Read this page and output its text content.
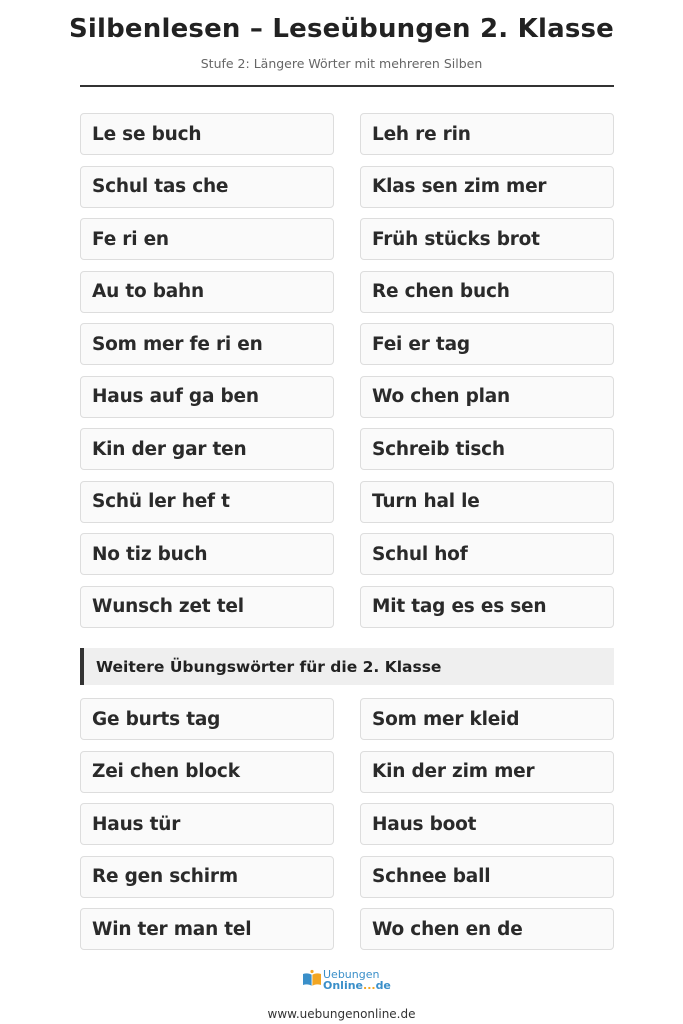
Silbenlesen – Leseübungen 2. Klasse
Stufe 2: Längere Wörter mit mehreren Silben
Le se buch	Leh re rin
Schul tas che	Klas sen zim mer
Fe ri en	Früh stücks brot
Au to bahn	Re chen buch
Som mer fe ri en	Fei er tag
Haus auf ga ben	Wo chen plan
Kin der gar ten	Schreib tisch
Schü ler hef t	Turn hal le
No tiz buch	Schul hof
Wunsch zet tel	Mit tag es es sen
Weitere Übungswörter für die 2. Klasse
Ge burts tag	Som mer kleid
Zei chen block	Kin der zim mer
Haus tür	Haus boot
Re gen schirm	Schnee ball
Win ter man tel	Wo chen en de
Uebungen
Online...de
www.uebungenonline.de
